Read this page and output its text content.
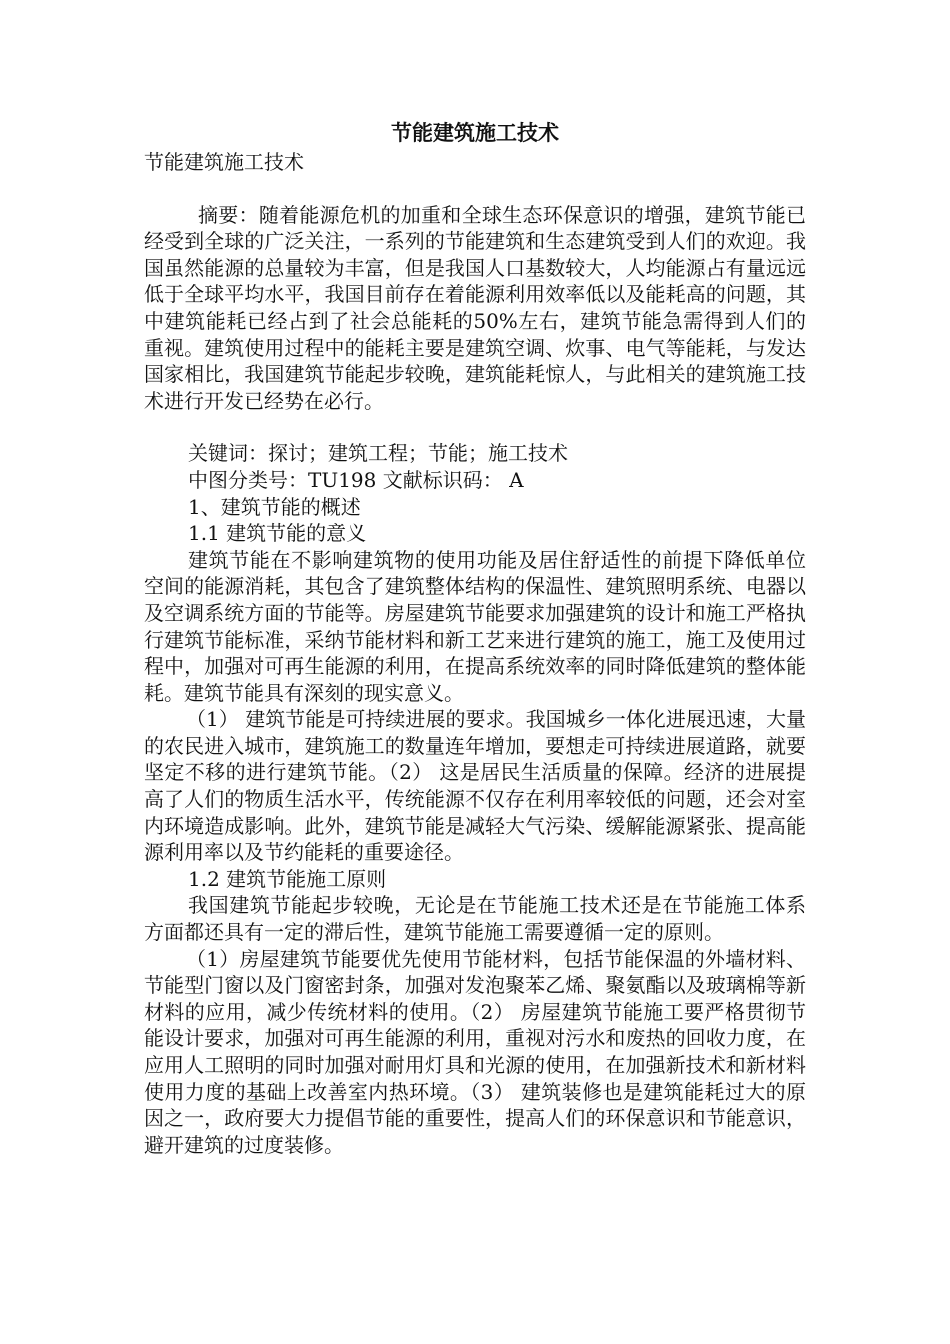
节能建筑施工技术

节能建筑施工技术

摘要：随着能源危机的加重和全球生态环保意识的增强，建筑节能已经受到全球的广泛关注，一系列的节能建筑和生态建筑受到人们的欢迎。我国虽然能源的总量较为丰富，但是我国人口基数较大，人均能源占有量远远低于全球平均水平，我国目前存在着能源利用效率低以及能耗高的问题，其中建筑能耗已经占到了社会总能耗的50%左右，建筑节能急需得到人们的重视。建筑使用过程中的能耗主要是建筑空调、炊事、电气等能耗，与发达国家相比，我国建筑节能起步较晚，建筑能耗惊人，与此相关的建筑施工技术进行开发已经势在必行。

关键词：探讨；建筑工程；节能；施工技术

中图分类号：TU198 文献标识码： A

1、建筑节能的概述

1.1 建筑节能的意义

建筑节能在不影响建筑物的使用功能及居住舒适性的前提下降低单位空间的能源消耗，其包含了建筑整体结构的保温性、建筑照明系统、电器以及空调系统方面的节能等。房屋建筑节能要求加强建筑的设计和施工严格执行建筑节能标准，采纳节能材料和新工艺来进行建筑的施工，施工及使用过程中，加强对可再生能源的利用，在提高系统效率的同时降低建筑的整体能耗。建筑节能具有深刻的现实意义。

（1） 建筑节能是可持续进展的要求。我国城乡一体化进展迅速，大量的农民进入城市，建筑施工的数量连年增加，要想走可持续进展道路，就要坚定不移的进行建筑节能。（2） 这是居民生活质量的保障。经济的进展提高了人们的物质生活水平，传统能源不仅存在利用率较低的问题，还会对室内环境造成影响。此外，建筑节能是减轻大气污染、缓解能源紧张、提高能源利用率以及节约能耗的重要途径。

1.2 建筑节能施工原则

我国建筑节能起步较晚，无论是在节能施工技术还是在节能施工体系方面都还具有一定的滞后性，建筑节能施工需要遵循一定的原则。

（1）房屋建筑节能要优先使用节能材料，包括节能保温的外墙材料、节能型门窗以及门窗密封条，加强对发泡聚苯乙烯、聚氨酯以及玻璃棉等新材料的应用，减少传统材料的使用。（2） 房屋建筑节能施工要严格贯彻节能设计要求，加强对可再生能源的利用，重视对污水和废热的回收力度，在应用人工照明的同时加强对耐用灯具和光源的使用，在加强新技术和新材料使用力度的基础上改善室内热环境。（3） 建筑装修也是建筑能耗过大的原因之一，政府要大力提倡节能的重要性，提高人们的环保意识和节能意识，避开建筑的过度装修。
